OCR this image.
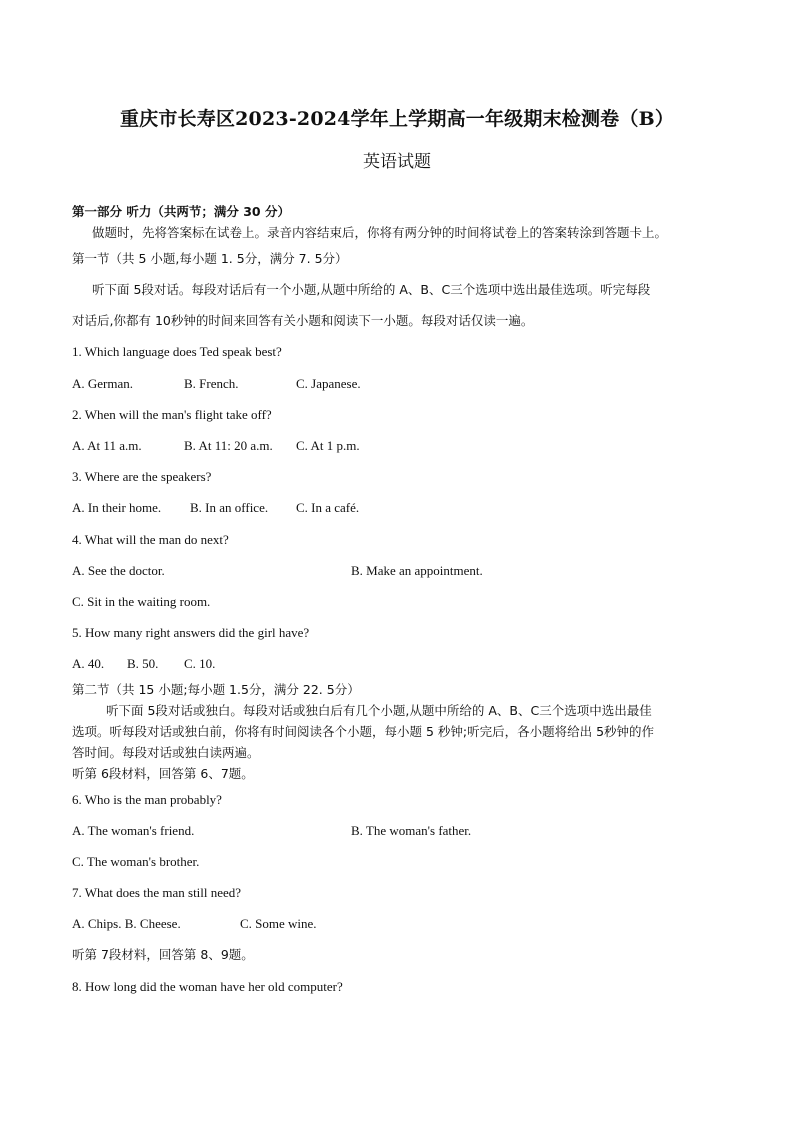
重庆市长寿区2023-2024学年上学期高一年级期末检测卷（B）
英语试题
第一部分 听力（共两节；满分 30 分）
做题时，先将答案标在试卷上。录音内容结束后，你将有两分钟的时间将试卷上的答案转涂到答题卡上。
第一节（共 5 小题,每小题 1. 5分，满分 7. 5分）
听下面 5段对话。每段对话后有一个小题,从题中所给的 A、B、C三个选项中选出最佳选项。听完每段
对话后,你都有 10秒钟的时间来回答有关小题和阅读下一小题。每段对话仅读一遍。
1. Which language does Ted speak best?
A. German.	B. French.	C. Japanese.
2. When will the man's flight take off?
A. At 11 a.m.	B. At 11: 20 a.m. C. At 1 p.m.
3. Where are the speakers?
A. In their home. B. In an office. C. In a café.
4. What will the man do next?
A. See the doctor.	B. Make an appointment.
C. Sit in the waiting room.
5. How many right answers did the girl have?
A. 40. B. 50. C. 10.
第二节（共 15 小题;每小题 1.5分，满分 22. 5分）
听下面 5段对话或独白。每段对话或独白后有几个小题,从题中所给的 A、B、C三个选项中选出最佳
选项。听每段对话或独白前，你将有时间阅读各个小题，每小题 5 秒钟;听完后，各小题将给出 5秒钟的作
答时间。每段对话或独白读两遍。
听第 6段材料，回答第 6、7题。
6. Who is the man probably?
A. The woman's friend.	B. The woman's father.
C. The woman's brother.
7. What does the man still need?
A. Chips. B. Cheese.	C. Some wine.
听第 7段材料，回答第 8、9题。
8. How long did the woman have her old computer?
